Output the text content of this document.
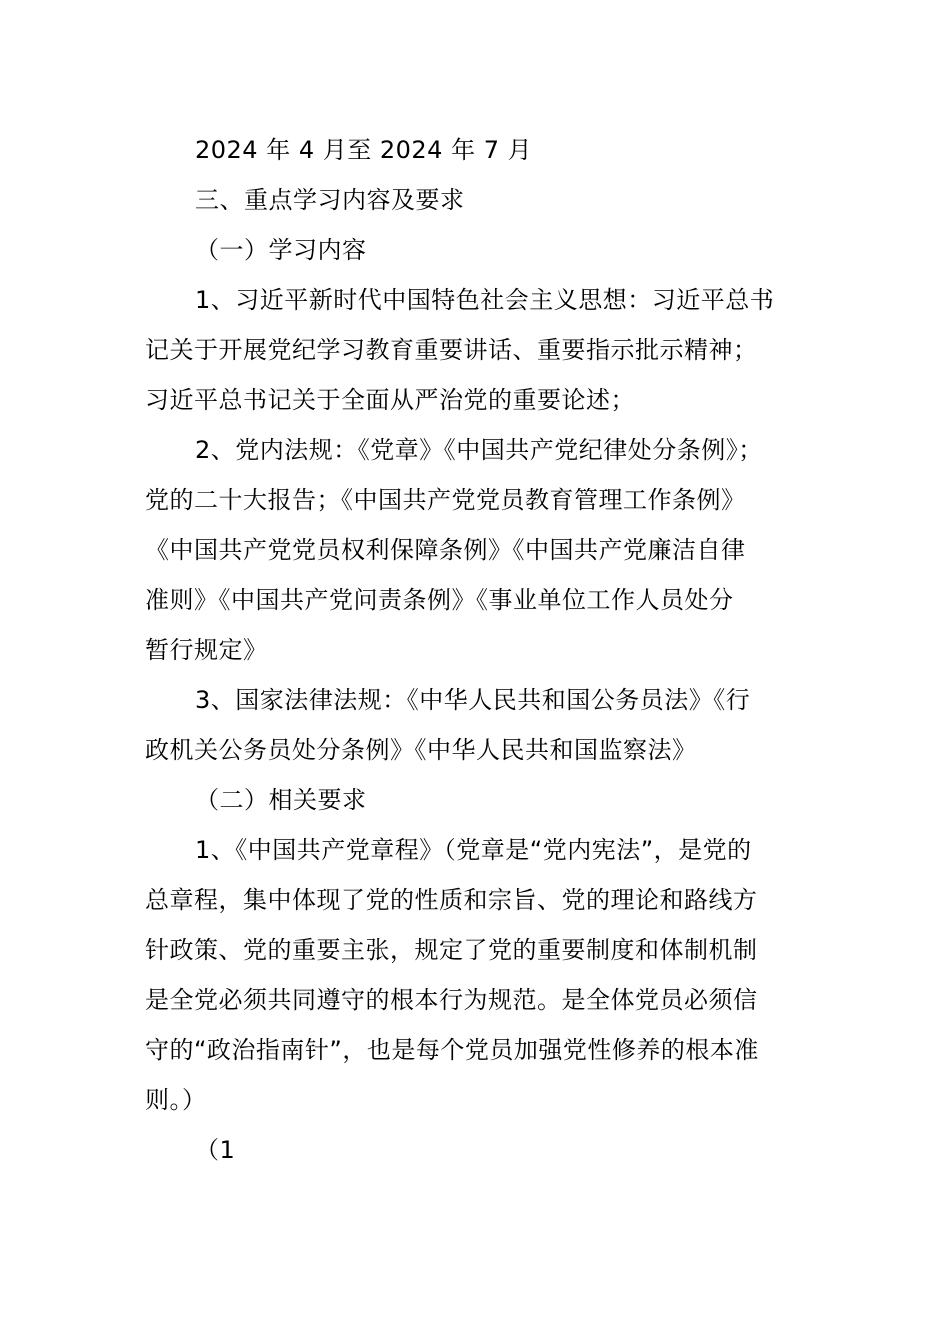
2024 年 4 月至 2024 年 7 月
三、重点学习内容及要求
（一）学习内容
1、习近平新时代中国特色社会主义思想：习近平总书
记关于开展党纪学习教育重要讲话、重要指示批示精神；
习近平总书记关于全面从严治党的重要论述；
2、党内法规：《党章》《中国共产党纪律处分条例》；
党的二十大报告；《中国共产党党员教育管理工作条例》
《中国共产党党员权利保障条例》《中国共产党廉洁自律
准则》《中国共产党问责条例》《事业单位工作人员处分
暂行规定》
3、国家法律法规：《中华人民共和国公务员法》《行
政机关公务员处分条例》《中华人民共和国监察法》
（二）相关要求
1、《中国共产党章程》（党章是“党内宪法”，是党的
总章程，集中体现了党的性质和宗旨、党的理论和路线方
针政策、党的重要主张，规定了党的重要制度和体制机制
是全党必须共同遵守的根本行为规范。是全体党员必须信
守的“政治指南针”，也是每个党员加强党性修养的根本准
则。）
（1
